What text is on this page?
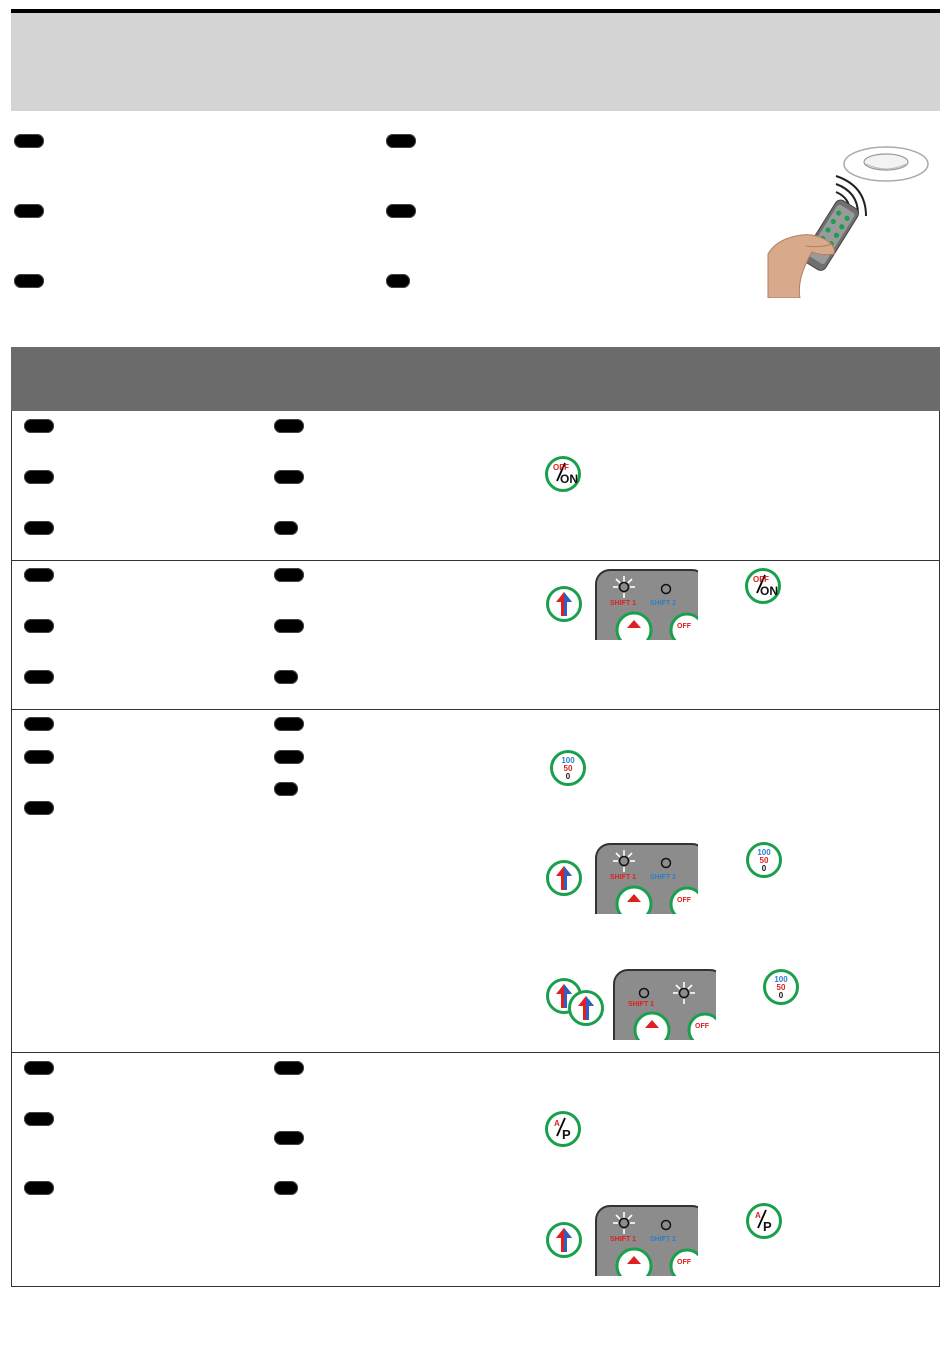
OFF
ON
OFF
ON
100
50
0
100
50
0
100
50
0
A
P
A
P
SHIFT 1 SHIFT 2
OFF
SHIFT 1 SHIFT 2
OFF
SHIFT 1 SHIFT 2
OFF
SHIFT 1
OFF
